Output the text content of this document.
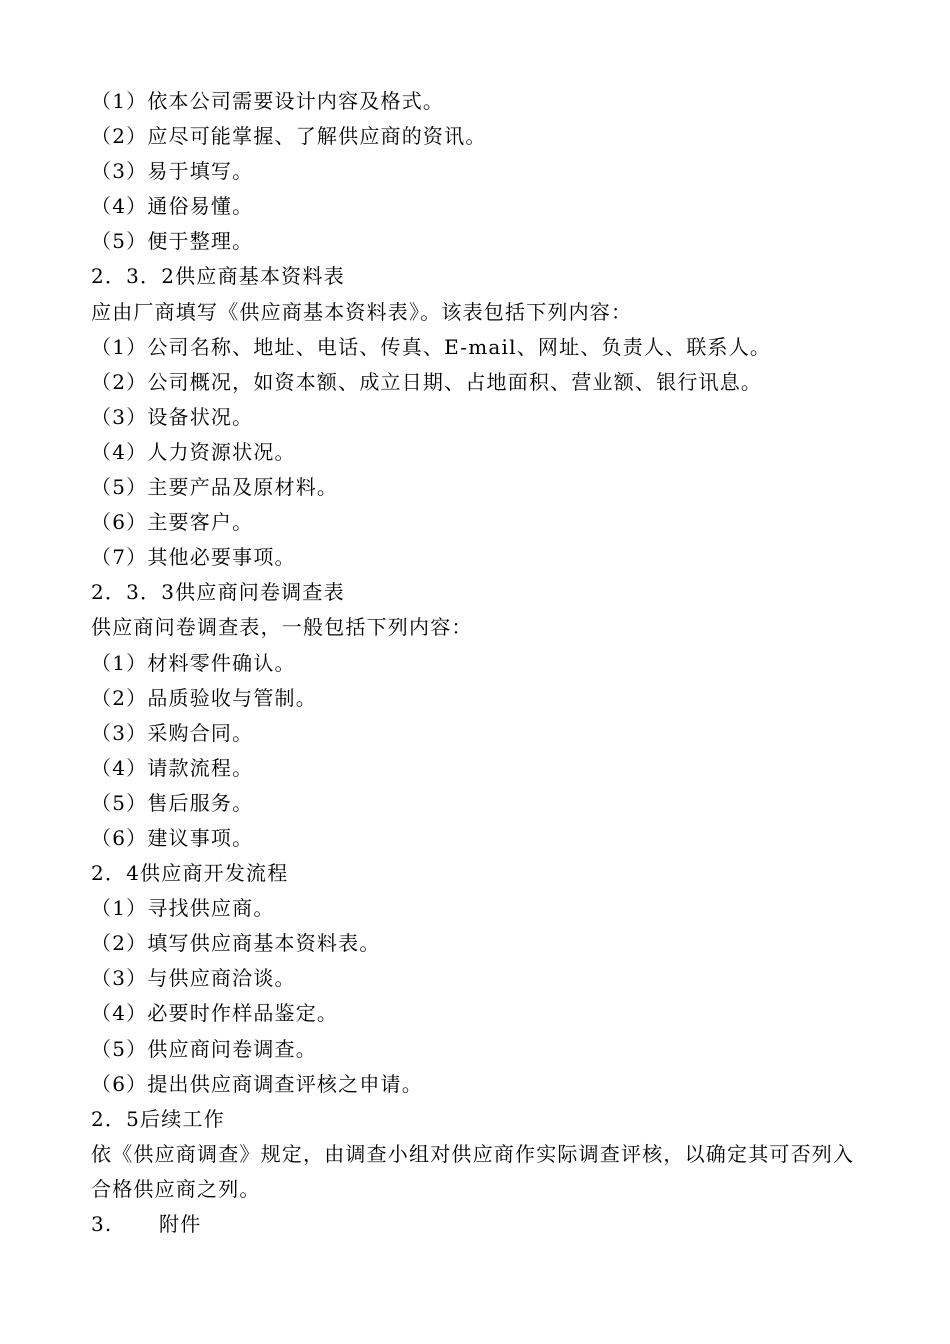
（1）依本公司需要设计内容及格式。
（2）应尽可能掌握、了解供应商的资讯。
（3）易于填写。
（4）通俗易懂。
（5）便于整理。
2．3．2供应商基本资料表
应由厂商填写《供应商基本资料表》。该表包括下列内容：
（1）公司名称、地址、电话、传真、E-mail、网址、负责人、联系人。
（2）公司概况，如资本额、成立日期、占地面积、营业额、银行讯息。
（3）设备状况。
（4）人力资源状况。
（5）主要产品及原材料。
（6）主要客户。
（7）其他必要事项。
2．3．3供应商问卷调查表
供应商问卷调查表，一般包括下列内容：
（1）材料零件确认。
（2）品质验收与管制。
（3）采购合同。
（4）请款流程。
（5）售后服务。
（6）建议事项。
2．4供应商开发流程
（1）寻找供应商。
（2）填写供应商基本资料表。
（3）与供应商洽谈。
（4）必要时作样品鉴定。
（5）供应商问卷调查。
（6）提出供应商调查评核之申请。
2．5后续工作
依《供应商调查》规定，由调查小组对供应商作实际调查评核，以确定其可否列入合格供应商之列。
3. 附件
